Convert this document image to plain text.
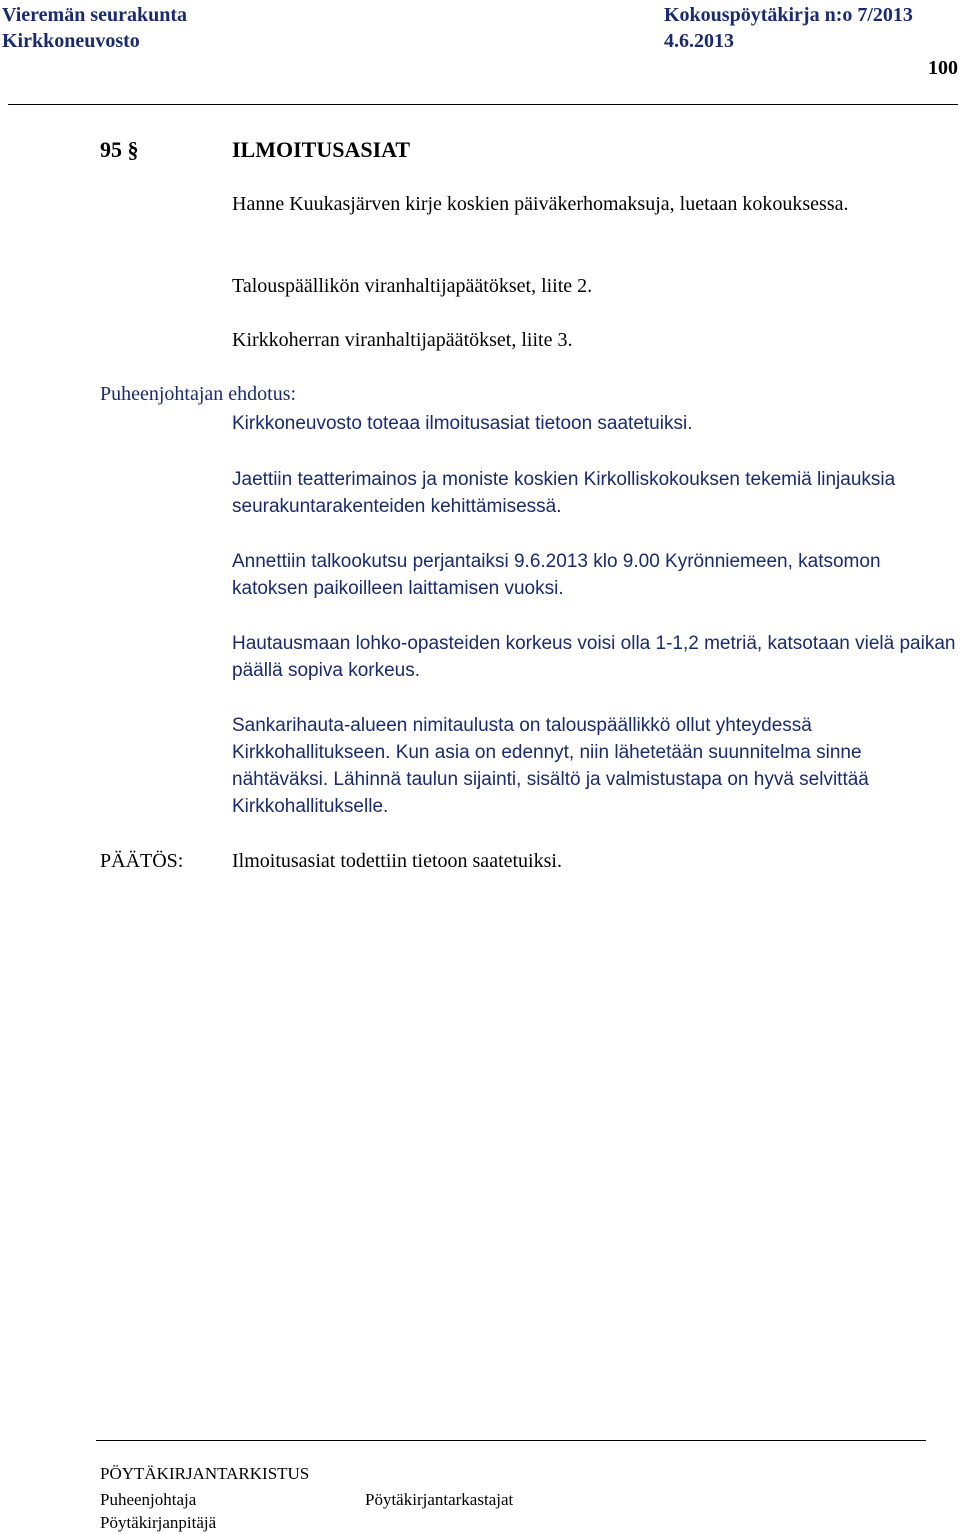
Vieremän seurakunta
Kirkkoneuvosto
Kokouspöytäkirja n:o 7/2013
4.6.2013
100
95 §	ILMOITUSASIAT
Hanne Kuukasjärven kirje koskien päiväkerhomaksuja, luetaan kokouksessa.
Talouspäällikön viranhaltijapäätökset, liite 2.
Kirkkoherran viranhaltijapäätökset, liite 3.
Puheenjohtajan ehdotus:
Kirkkoneuvosto toteaa ilmoitusasiat tietoon saatetuiksi.
Jaettiin teatterimainos ja moniste koskien Kirkolliskokouksen tekemiä linjauksia seurakuntarakenteiden kehittämisessä.
Annettiin talkookutsu perjantaiksi 9.6.2013 klo 9.00 Kyrönniemeen, katsomon katoksen paikoilleen laittamisen vuoksi.
Hautausmaan lohko-opasteiden korkeus voisi olla 1-1,2 metriä, katsotaan vielä paikan päällä sopiva korkeus.
Sankarihauta-alueen nimitaulusta on talouspäällikkö ollut yhteydessä Kirkkohallitukseen. Kun asia on edennyt, niin lähetetään suunnitelma sinne nähtäväksi. Lähinnä taulun sijainti, sisältö ja valmistustapa on hyvä selvittää Kirkkohallitukselle.
PÄÄTÖS: Ilmoitusasiat todettiin tietoon saatetuiksi.
PÖYTÄKIRJANTARKISTUS
Puheenjohtaja	Pöytäkirjantarkastajat
Pöytäkirjanpitäjä
